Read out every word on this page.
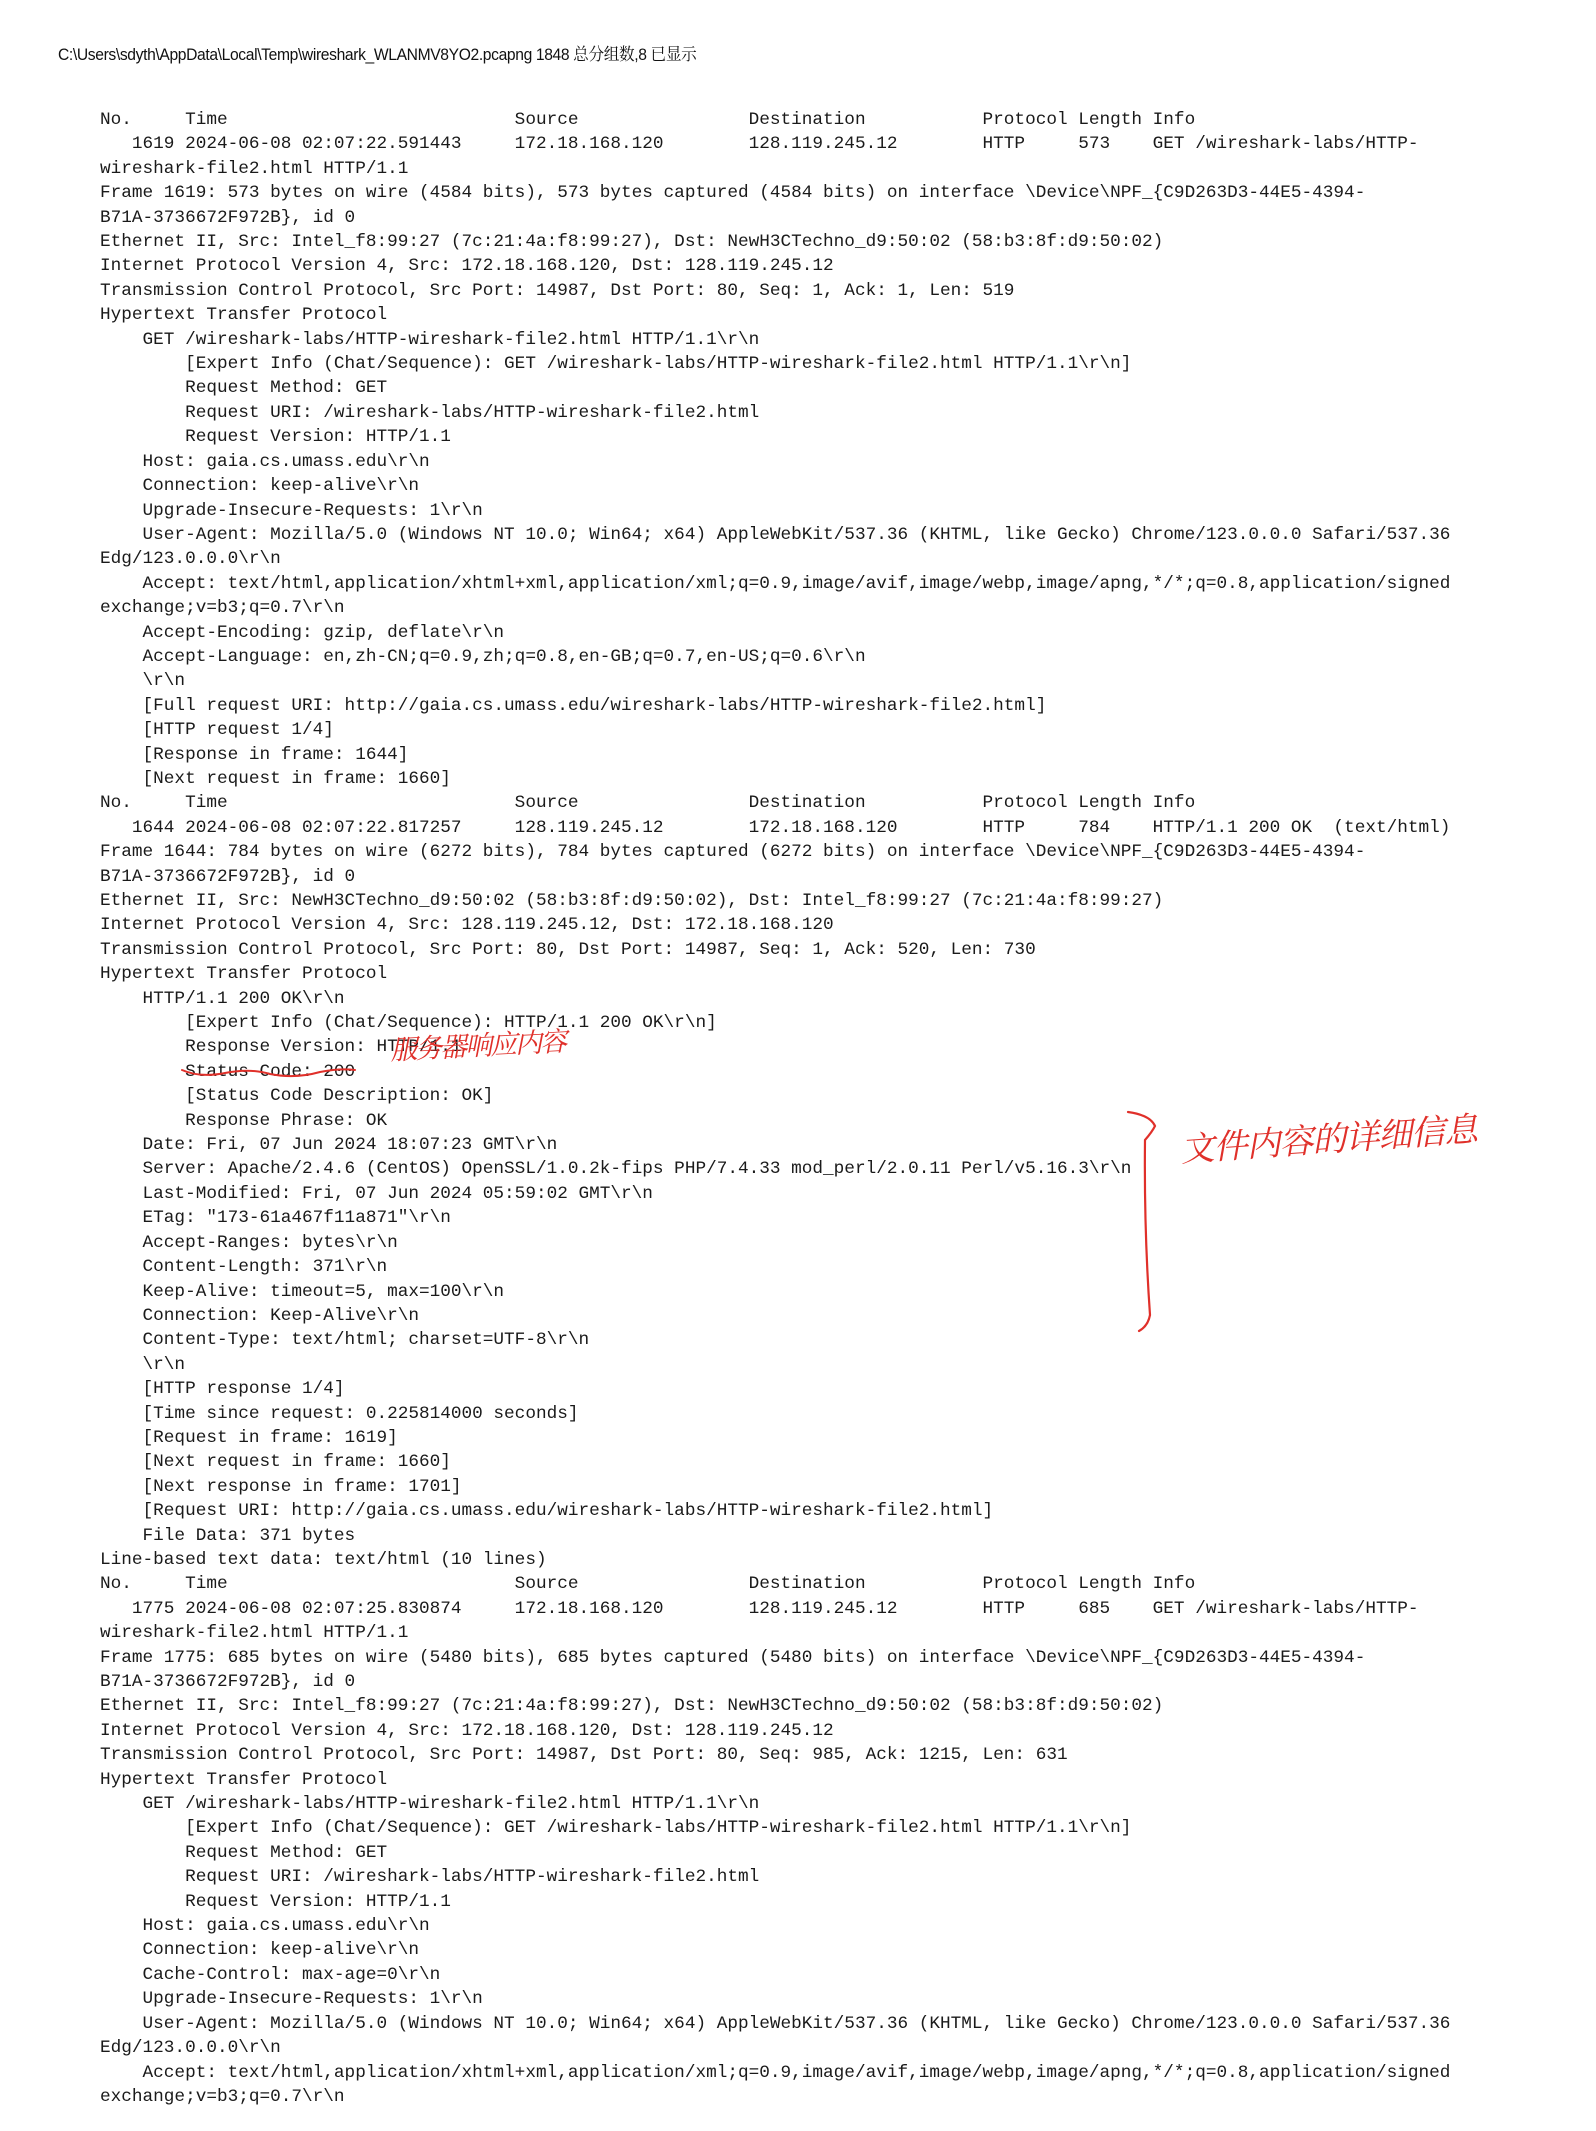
C:\Users\sdyth\AppData\Local\Temp\wireshark_WLANMV8YO2.pcapng 1848 总分组数,8 已显示
No.     Time                           Source                Destination           Protocol Length Info
1619 2024-06-08 02:07:22.591443     172.18.168.120        128.119.245.12        HTTP     573    GET /wireshark-labs/HTTP-
wireshark-file2.html HTTP/1.1
Frame 1619: 573 bytes on wire (4584 bits), 573 bytes captured (4584 bits) on interface \Device\NPF_{C9D263D3-44E5-4394-
B71A-3736672F972B}, id 0
Ethernet II, Src: Intel_f8:99:27 (7c:21:4a:f8:99:27), Dst: NewH3CTechno_d9:50:02 (58:b3:8f:d9:50:02)
Internet Protocol Version 4, Src: 172.18.168.120, Dst: 128.119.245.12
Transmission Control Protocol, Src Port: 14987, Dst Port: 80, Seq: 1, Ack: 1, Len: 519
Hypertext Transfer Protocol
GET /wireshark-labs/HTTP-wireshark-file2.html HTTP/1.1\r\n
[Expert Info (Chat/Sequence): GET /wireshark-labs/HTTP-wireshark-file2.html HTTP/1.1\r\n]
Request Method: GET
Request URI: /wireshark-labs/HTTP-wireshark-file2.html
Request Version: HTTP/1.1
Host: gaia.cs.umass.edu\r\n
Connection: keep-alive\r\n
Upgrade-Insecure-Requests: 1\r\n
User-Agent: Mozilla/5.0 (Windows NT 10.0; Win64; x64) AppleWebKit/537.36 (KHTML, like Gecko) Chrome/123.0.0.0 Safari/537.36
Edg/123.0.0.0\r\n
Accept: text/html,application/xhtml+xml,application/xml;q=0.9,image/avif,image/webp,image/apng,*/*;q=0.8,application/signed
exchange;v=b3;q=0.7\r\n
Accept-Encoding: gzip, deflate\r\n
Accept-Language: en,zh-CN;q=0.9,zh;q=0.8,en-GB;q=0.7,en-US;q=0.6\r\n
\r\n
[Full request URI: http://gaia.cs.umass.edu/wireshark-labs/HTTP-wireshark-file2.html]
[HTTP request 1/4]
[Response in frame: 1644]
[Next request in frame: 1660]
No.     Time                           Source                Destination           Protocol Length Info
1644 2024-06-08 02:07:22.817257     128.119.245.12        172.18.168.120        HTTP     784    HTTP/1.1 200 OK  (text/html)
Frame 1644: 784 bytes on wire (6272 bits), 784 bytes captured (6272 bits) on interface \Device\NPF_{C9D263D3-44E5-4394-
B71A-3736672F972B}, id 0
Ethernet II, Src: NewH3CTechno_d9:50:02 (58:b3:8f:d9:50:02), Dst: Intel_f8:99:27 (7c:21:4a:f8:99:27)
Internet Protocol Version 4, Src: 128.119.245.12, Dst: 172.18.168.120
Transmission Control Protocol, Src Port: 80, Dst Port: 14987, Seq: 1, Ack: 520, Len: 730
Hypertext Transfer Protocol
HTTP/1.1 200 OK\r\n
[Expert Info (Chat/Sequence): HTTP/1.1 200 OK\r\n]
Response Version: HTTP/1.1
Status Code: 200
[Status Code Description: OK]
Response Phrase: OK
Date: Fri, 07 Jun 2024 18:07:23 GMT\r\n
Server: Apache/2.4.6 (CentOS) OpenSSL/1.0.2k-fips PHP/7.4.33 mod_perl/2.0.11 Perl/v5.16.3\r\n
Last-Modified: Fri, 07 Jun 2024 05:59:02 GMT\r\n
ETag: "173-61a467f11a871"\r\n
Accept-Ranges: bytes\r\n
Content-Length: 371\r\n
Keep-Alive: timeout=5, max=100\r\n
Connection: Keep-Alive\r\n
Content-Type: text/html; charset=UTF-8\r\n
\r\n
[HTTP response 1/4]
[Time since request: 0.225814000 seconds]
[Request in frame: 1619]
[Next request in frame: 1660]
[Next response in frame: 1701]
[Request URI: http://gaia.cs.umass.edu/wireshark-labs/HTTP-wireshark-file2.html]
File Data: 371 bytes
Line-based text data: text/html (10 lines)
No.     Time                           Source                Destination           Protocol Length Info
1775 2024-06-08 02:07:25.830874     172.18.168.120        128.119.245.12        HTTP     685    GET /wireshark-labs/HTTP-
wireshark-file2.html HTTP/1.1
Frame 1775: 685 bytes on wire (5480 bits), 685 bytes captured (5480 bits) on interface \Device\NPF_{C9D263D3-44E5-4394-
B71A-3736672F972B}, id 0
Ethernet II, Src: Intel_f8:99:27 (7c:21:4a:f8:99:27), Dst: NewH3CTechno_d9:50:02 (58:b3:8f:d9:50:02)
Internet Protocol Version 4, Src: 172.18.168.120, Dst: 128.119.245.12
Transmission Control Protocol, Src Port: 14987, Dst Port: 80, Seq: 985, Ack: 1215, Len: 631
Hypertext Transfer Protocol
GET /wireshark-labs/HTTP-wireshark-file2.html HTTP/1.1\r\n
[Expert Info (Chat/Sequence): GET /wireshark-labs/HTTP-wireshark-file2.html HTTP/1.1\r\n]
Request Method: GET
Request URI: /wireshark-labs/HTTP-wireshark-file2.html
Request Version: HTTP/1.1
Host: gaia.cs.umass.edu\r\n
Connection: keep-alive\r\n
Cache-Control: max-age=0\r\n
Upgrade-Insecure-Requests: 1\r\n
User-Agent: Mozilla/5.0 (Windows NT 10.0; Win64; x64) AppleWebKit/537.36 (KHTML, like Gecko) Chrome/123.0.0.0 Safari/537.36
Edg/123.0.0.0\r\n
Accept: text/html,application/xhtml+xml,application/xml;q=0.9,image/avif,image/webp,image/apng,*/*;q=0.8,application/signed
exchange;v=b3;q=0.7\r\n
服务器响应内容
文件内容的详细信息
